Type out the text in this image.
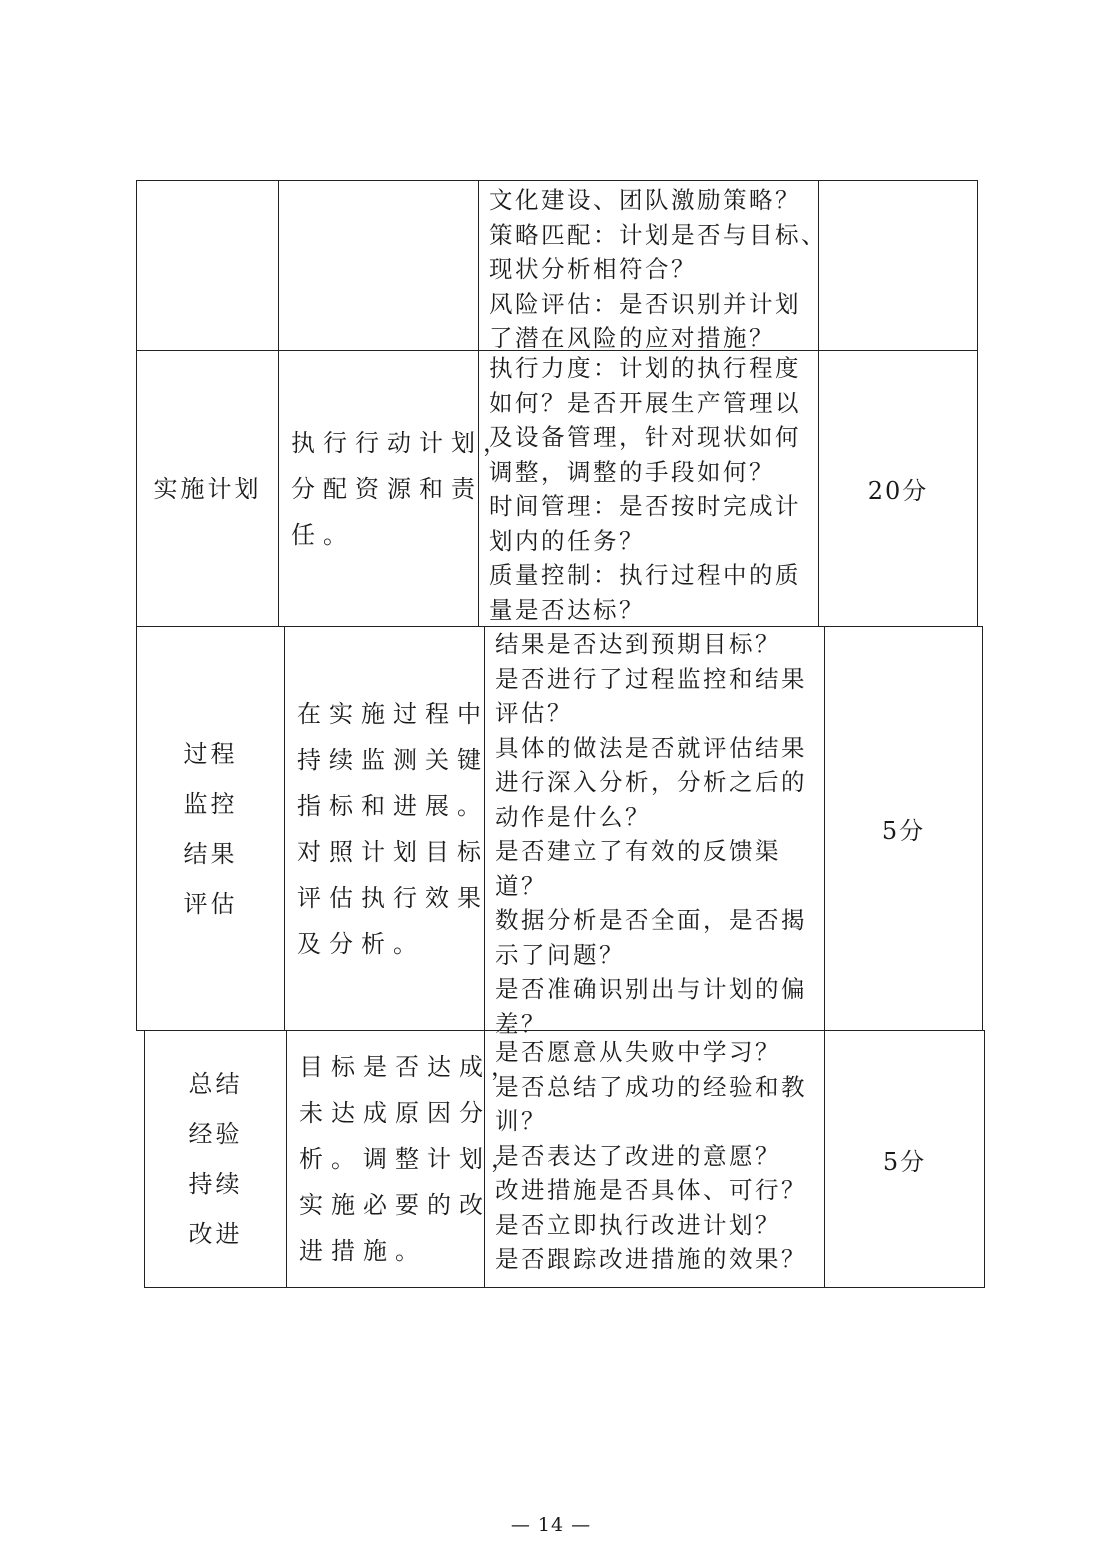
文化建设、团队激励策略？
策略匹配：计划是否与目标、
现状分析相符合？
风险评估：是否识别并计划
了潜在风险的应对措施？
实施计划
执行行动计划，
分配资源和责
任。
执行力度：计划的执行程度
如何？是否开展生产管理以
及设备管理，针对现状如何
调整，调整的手段如何？
时间管理：是否按时完成计
划内的任务？
质量控制：执行过程中的质
量是否达标？
20分
过程
监控
结果
评估
在实施过程中
持续监测关键
指标和进展。
对照计划目标
评估执行效果
及分析。
结果是否达到预期目标？
是否进行了过程监控和结果
评估？
具体的做法是否就评估结果
进行深入分析，分析之后的
动作是什么？
是否建立了有效的反馈渠
道？
数据分析是否全面，是否揭
示了问题？
是否准确识别出与计划的偏
差？
5分
总结
经验
持续
改进
目标是否达成，
未达成原因分
析。调整计划，
实施必要的改
进措施。
是否愿意从失败中学习？
是否总结了成功的经验和教
训？
是否表达了改进的意愿？
改进措施是否具体、可行？
是否立即执行改进计划？
是否跟踪改进措施的效果？
5分
— 14 —
